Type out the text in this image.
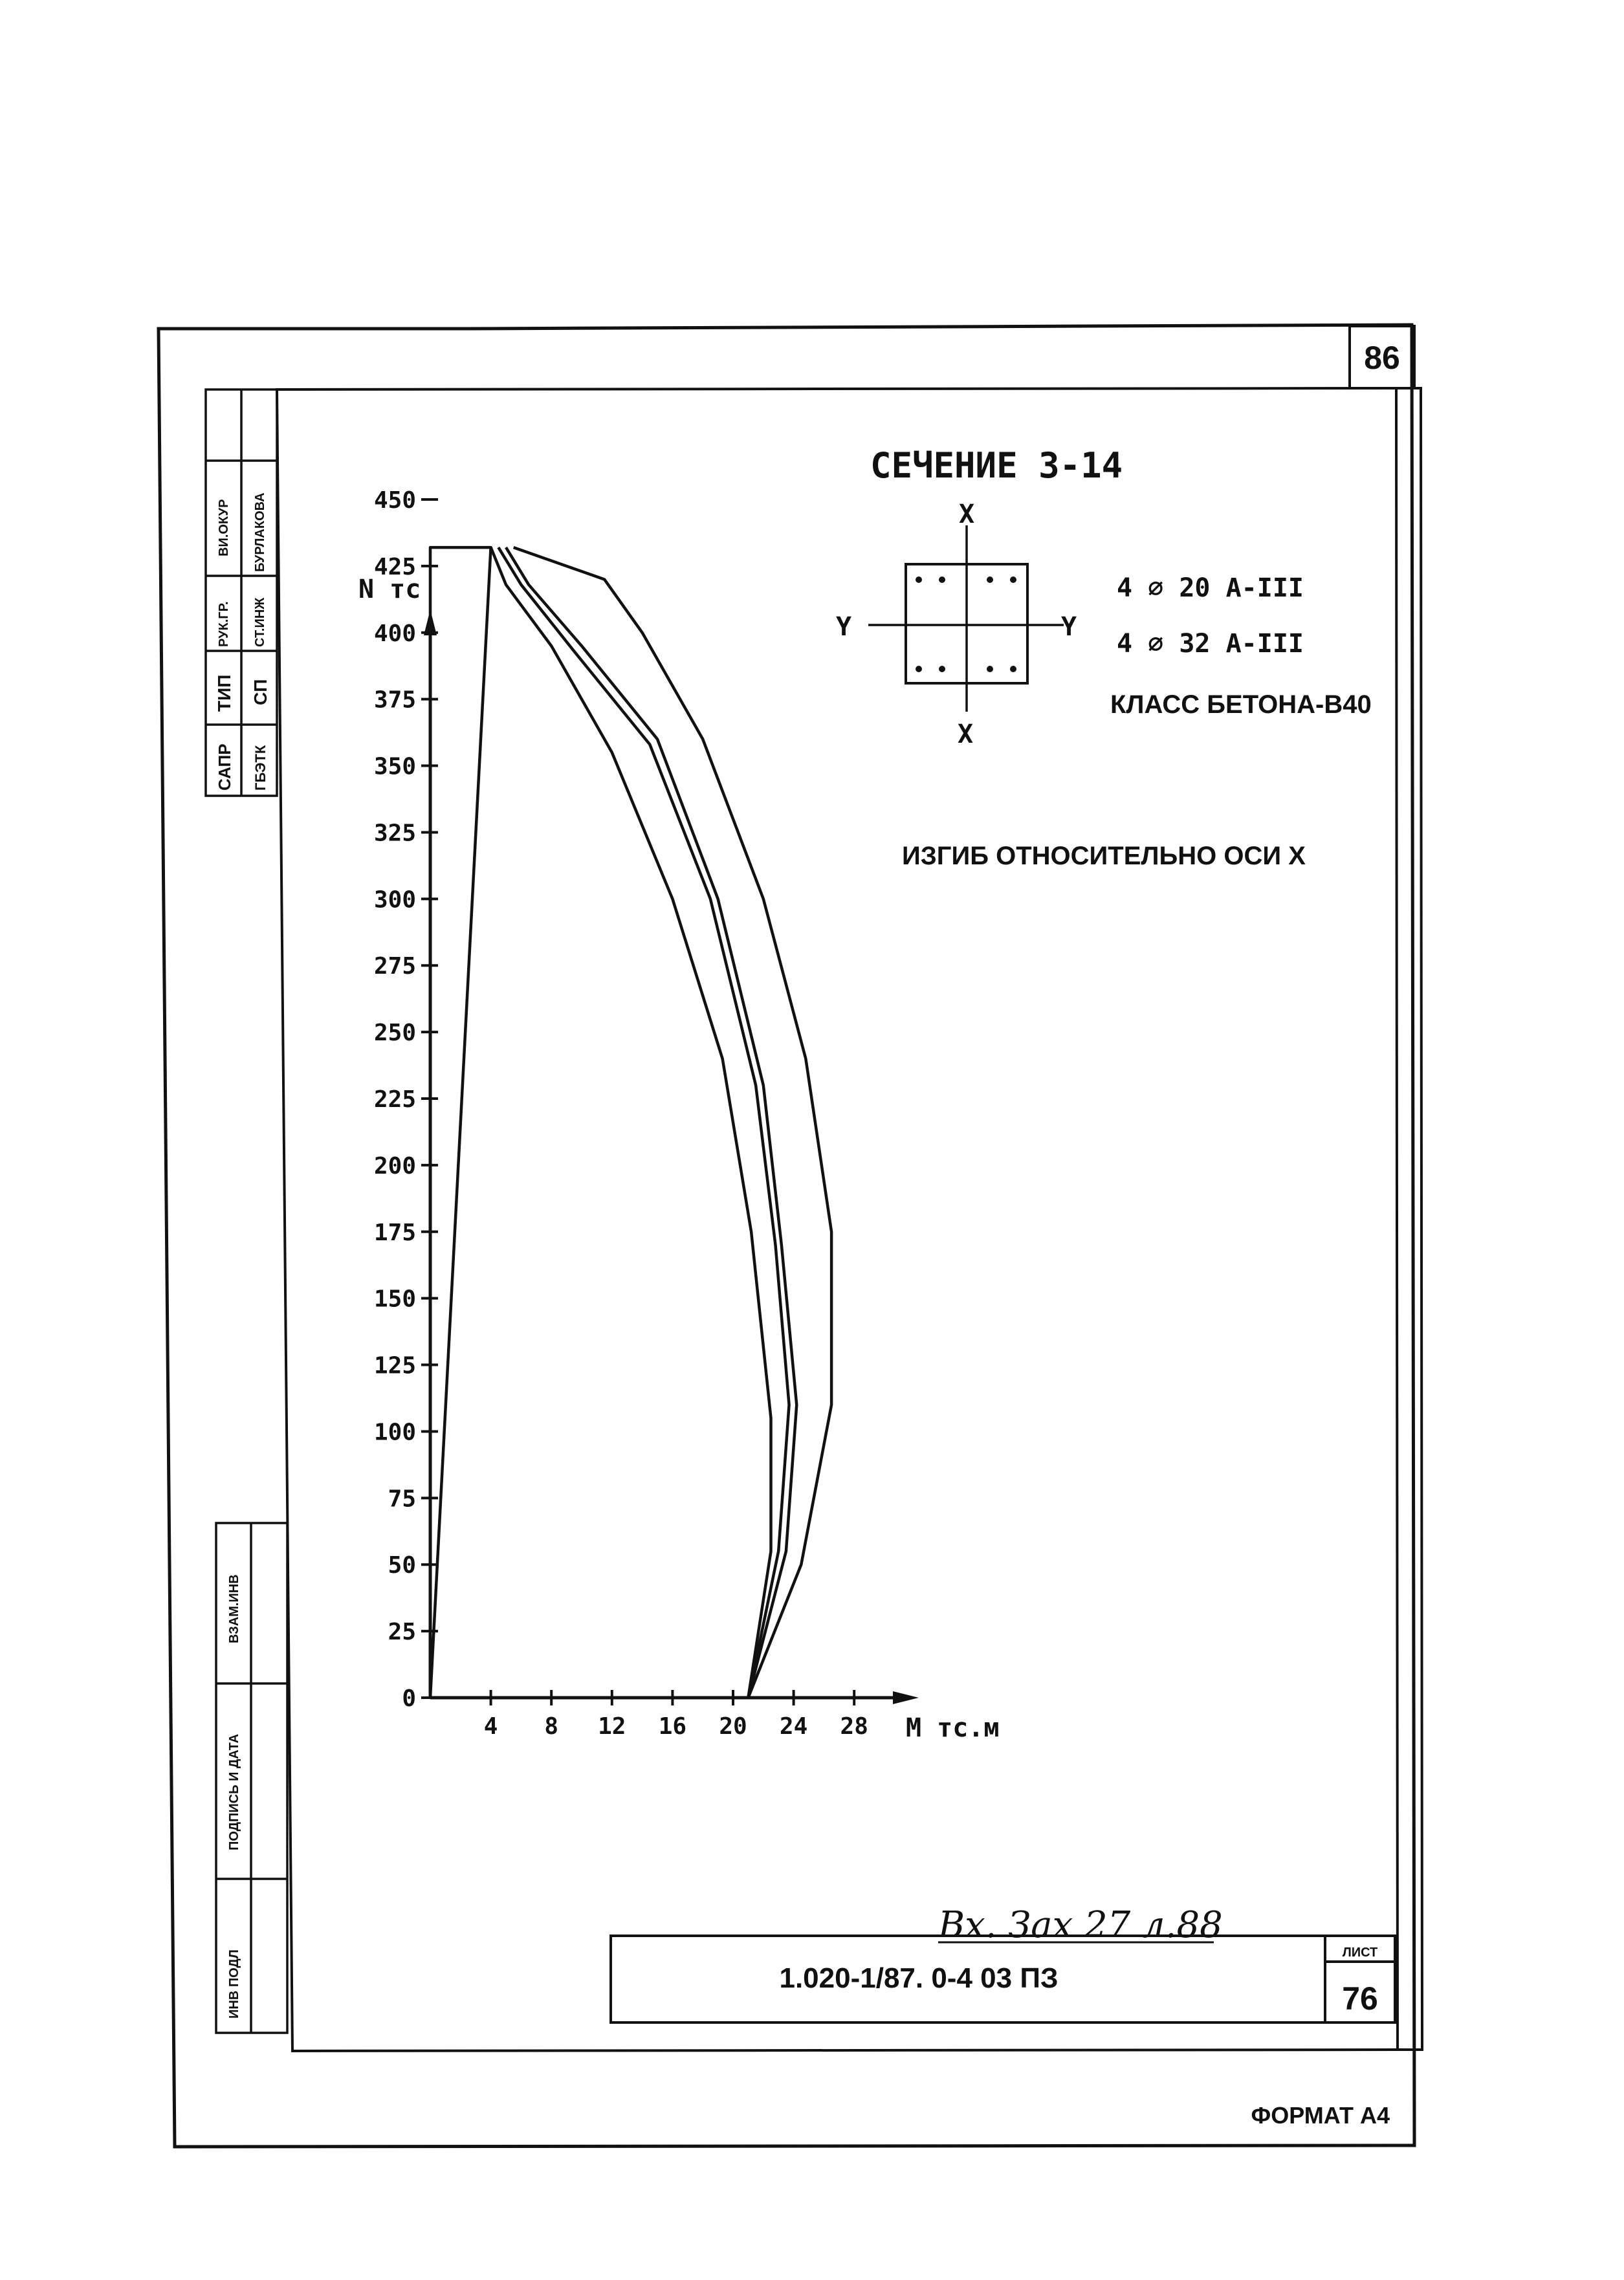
86
ВИ.ОКУР БУРЛАКОВА
РУК.ГР. СТ.ИНЖ
ТИП СП
САПР ГБЭТК
ВЗАМ.ИНВ
ПОДПИСЬ И ДАТА
ИНВ ПОДЛ
СЕЧЕНИЕ 3-14
X
X
Y	Y
4 ∅ 20 А-III
4 ∅ 32 А-III
КЛАСС БЕТОНА-В40
ИЗГИБ ОТНОСИТЕЛЬНО ОСИ X
N тс
M тс.м
0
25
50
75
100
125
150
175
200
225
250
275
300
325
350
375
400
425
450
4 8 12 16 20 24 28
Вх. Зах 27 л.88
1.020-1/87. 0-4 03 ПЗ
ЛИСТ
76
ФОРМАТ А4
